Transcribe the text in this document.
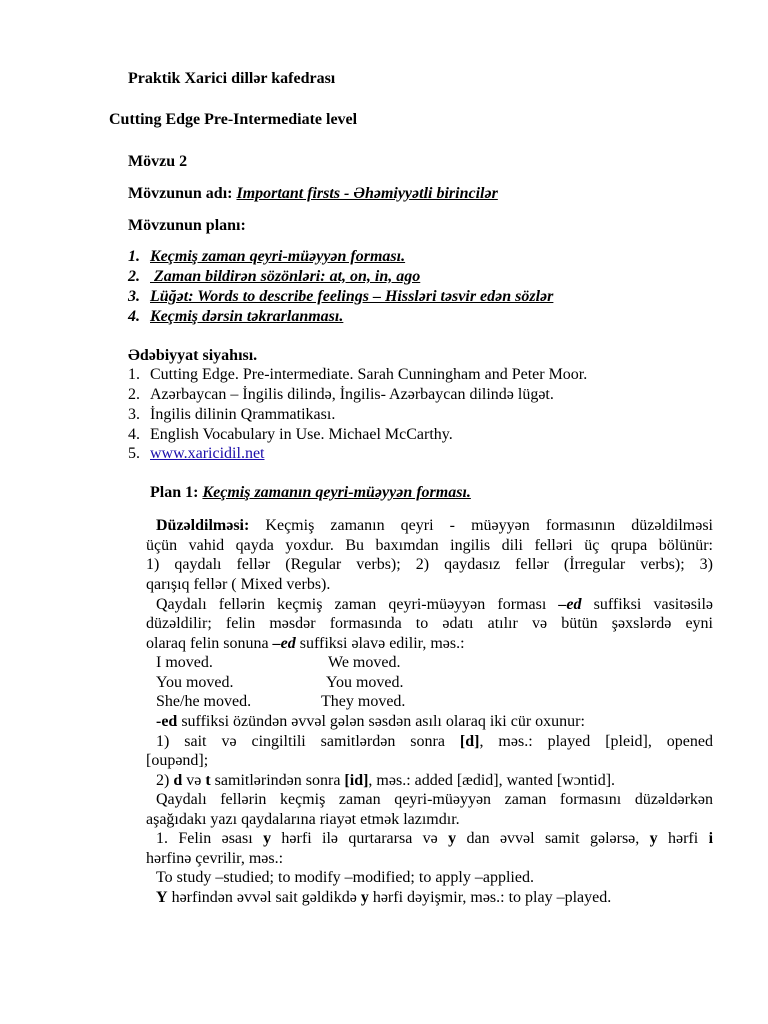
Praktik Xarici dillər kafedrası
Cutting Edge Pre-Intermediate level
Mövzu 2
Mövzunun adı: Important firsts - Əhəmiyyətli birincilər
Mövzunun planı:
1. Keçmiş zaman qeyri-müəyyən forması.
2. Zaman bildirən sözönləri: at, on, in, ago
3. Lüğət: Words to describe feelings – Hissləri təsvir edən sözlər
4. Keçmiş dərsin təkrarlanması.
Ədəbiyyat siyahısı.
1. Cutting Edge. Pre-intermediate. Sarah Cunningham and Peter Moor.
2. Azərbaycan – İngilis dilində, İngilis- Azərbaycan dilində lügət.
3. İngilis dilinin Qrammatikası.
4. English Vocabulary in Use. Michael McCarthy.
5. www.xaricidil.net
Plan 1: Keçmiş zamanın qeyri-müəyyən forması.
Düzəldilməsi: Keçmiş zamanın qeyri - müəyyən formasının düzəldilməsi
üçün vahid qayda yoxdur. Bu baxımdan ingilis dili felləri üç qrupa bölünür:
1) qaydalı fellər (Regular verbs); 2) qaydasız fellər (İrregular verbs); 3)
qarışıq fellər ( Mixed verbs).
Qaydalı fellərin keçmiş zaman qeyri-müəyyən forması –ed suffiksi vasitəsilə
düzəldilir; felin məsdər formasında to ədatı atılır və bütün şəxslərdə eyni
olaraq felin sonuna –ed suffiksi əlavə edilir, məs.:
I moved.	We moved.
You moved.	You moved.
She/he moved.	They moved.
-ed suffiksi özündən əvvəl gələn səsdən asılı olaraq iki cür oxunur:
1) sait və cingiltili samitlərdən sonra [d], məs.: played [pleid], opened
[oupənd];
2) d və t samitlərindən sonra [id], məs.: added [ædid], wanted [wɔntid].
Qaydalı fellərin keçmiş zaman qeyri-müəyyən zaman formasını düzəldərkən
aşağıdakı yazı qaydalarına riayət etmək lazımdır.
1. Felin əsası y hərfi ilə qurtararsa və y dan əvvəl samit gələrsə, y hərfi i
hərfinə çevrilir, məs.:
To study –studied; to modify –modified; to apply –applied.
Y hərfindən əvvəl sait gəldikdə y hərfi dəyişmir, məs.: to play –played.
